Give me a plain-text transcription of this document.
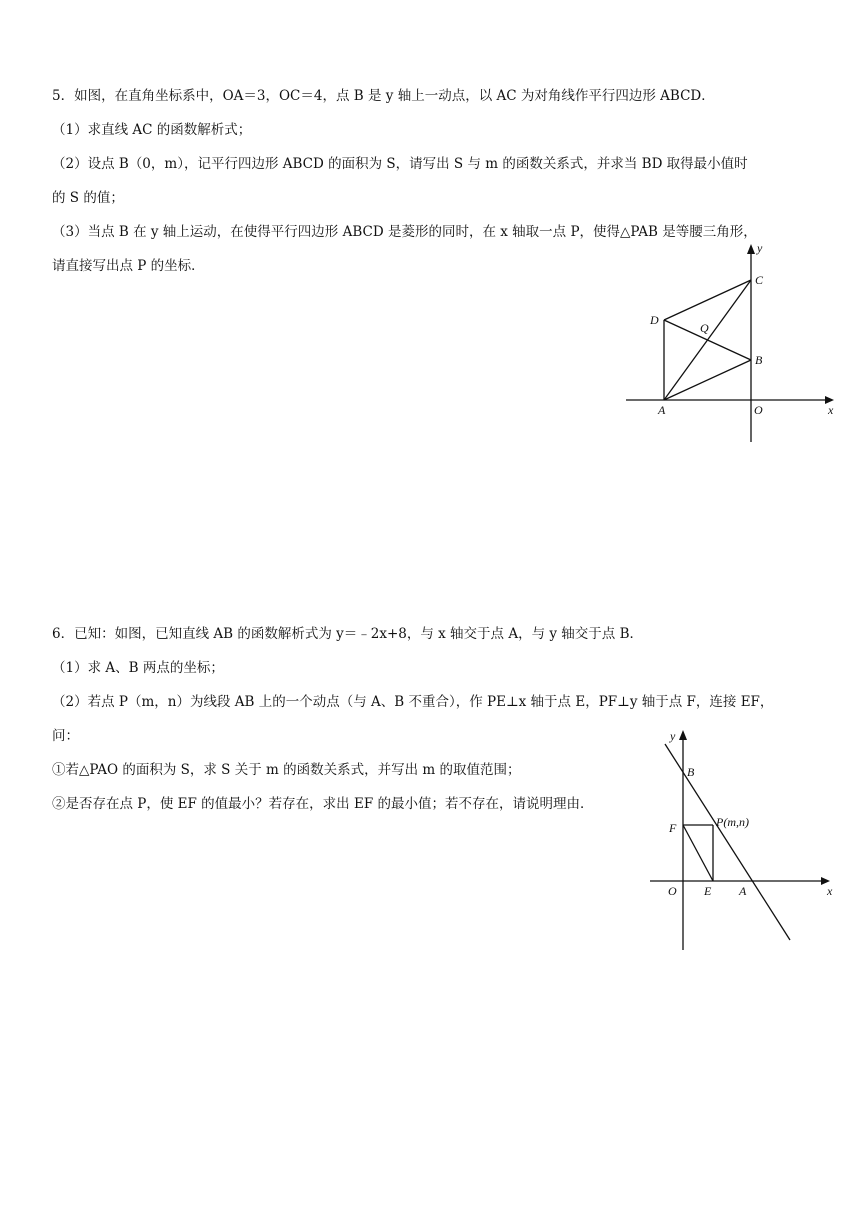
5．如图，在直角坐标系中，OA＝3，OC＝4，点 B 是 y 轴上一动点，以 AC 为对角线作平行四边形 ABCD．
（1）求直线 AC 的函数解析式；
（2）设点 B（0，m），记平行四边形 ABCD 的面积为 S，请写出 S 与 m 的函数关系式，并求当 BD 取得最小值时
的 S 的值；
（3）当点 B 在 y 轴上运动，在使得平行四边形 ABCD 是菱形的同时，在 x 轴取一点 P，使得△PAB 是等腰三角形，
请直接写出点 P 的坐标．
y
C
D
Q
B
A	O	x
6．已知：如图，已知直线 AB 的函数解析式为 y＝﹣2x+8，与 x 轴交于点 A，与 y 轴交于点 B．
（1）求 A、B 两点的坐标；
（2）若点 P（m，n）为线段 AB 上的一个动点（与 A、B 不重合），作 PE⊥x 轴于点 E，PF⊥y 轴于点 F，连接 EF，
问：
①若△PAO 的面积为 S，求 S 关于 m 的函数关系式，并写出 m 的取值范围；
②是否存在点 P，使 EF 的值最小？若存在，求出 EF 的最小值；若不存在，请说明理由．
y
B
F	P(m,n)
O E A	x
